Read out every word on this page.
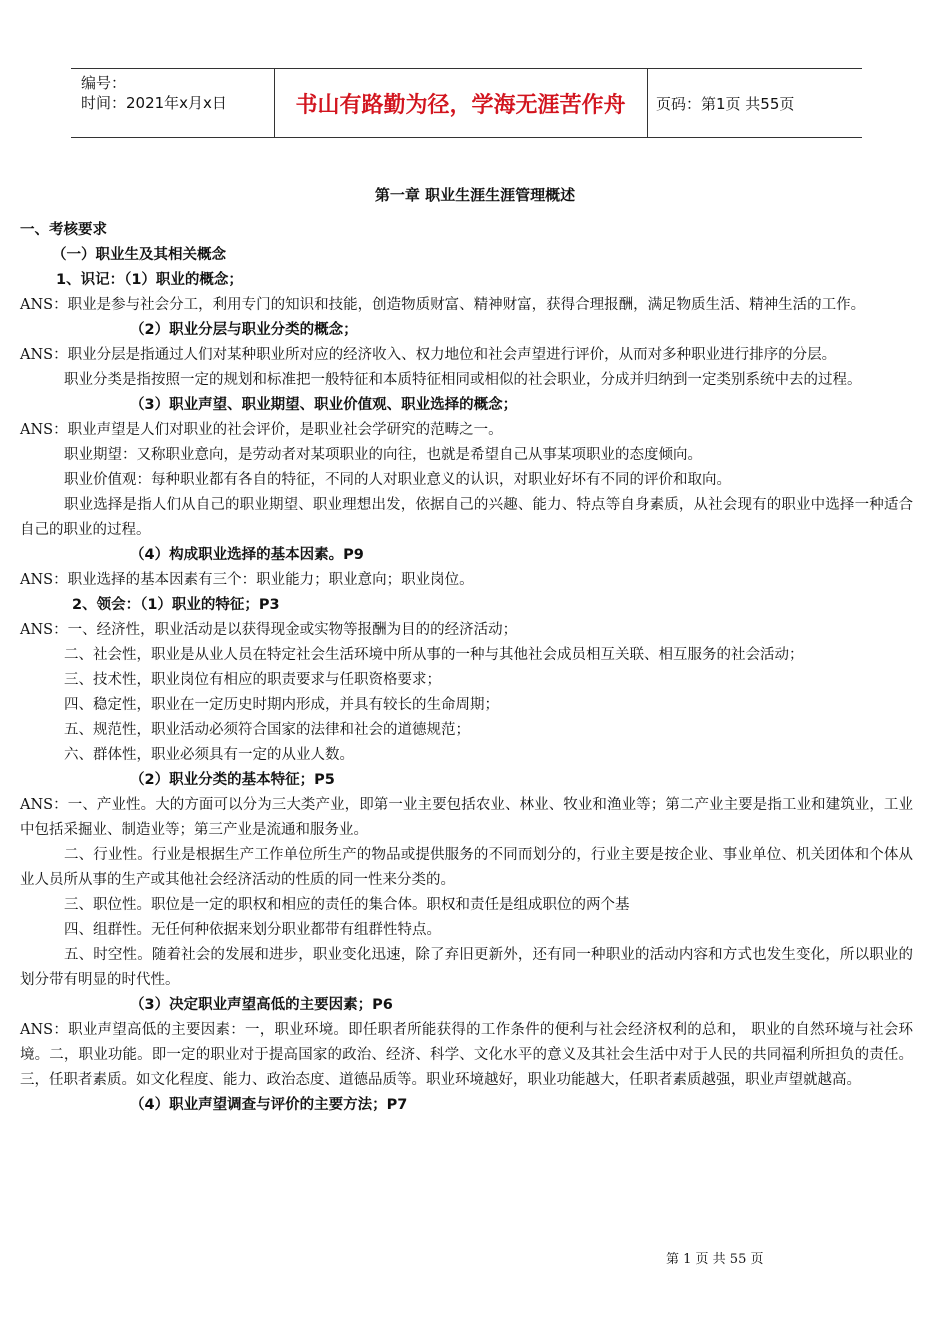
编号：
时间：2021年x月x日	书山有路勤为径，学海无涯苦作舟	页码：第1页 共55页
第一章 职业生涯生涯管理概述

一、考核要求

（一）职业生及其相关概念

1、识记：（1）职业的概念；

ANS：职业是参与社会分工，利用专门的知识和技能，创造物质财富、精神财富，获得合理报酬，满足物质生活、精神生活的工作。

（2）职业分层与职业分类的概念；

ANS：职业分层是指通过人们对某种职业所对应的经济收入、权力地位和社会声望进行评价，从而对多种职业进行排序的分层。

职业分类是指按照一定的规划和标准把一般特征和本质特征相同或相似的社会职业，分成并归纳到一定类别系统中去的过程。

（3）职业声望、职业期望、职业价值观、职业选择的概念；

ANS：职业声望是人们对职业的社会评价，是职业社会学研究的范畴之一。

职业期望：又称职业意向，是劳动者对某项职业的向往，也就是希望自己从事某项职业的态度倾向。

职业价值观：每种职业都有各自的特征，不同的人对职业意义的认识，对职业好坏有不同的评价和取向。

职业选择是指人们从自己的职业期望、职业理想出发，依据自己的兴趣、能力、特点等自身素质，从社会现有的职业中选择一种适合自己的职业的过程。

（4）构成职业选择的基本因素。P9

ANS：职业选择的基本因素有三个：职业能力；职业意向；职业岗位。

2、领会：（1）职业的特征；P3

ANS：一、经济性，职业活动是以获得现金或实物等报酬为目的的经济活动；

二、社会性，职业是从业人员在特定社会生活环境中所从事的一种与其他社会成员相互关联、相互服务的社会活动；

三、技术性，职业岗位有相应的职责要求与任职资格要求；

四、稳定性，职业在一定历史时期内形成，并具有较长的生命周期；

五、规范性，职业活动必须符合国家的法律和社会的道德规范；

六、群体性，职业必须具有一定的从业人数。

（2）职业分类的基本特征；P5

ANS：一、产业性。大的方面可以分为三大类产业，即第一业主要包括农业、林业、牧业和渔业等；第二产业主要是指工业和建筑业，工业中包括采掘业、制造业等；第三产业是流通和服务业。

二、行业性。行业是根据生产工作单位所生产的物品或提供服务的不同而划分的，行业主要是按企业、事业单位、机关团体和个体从业人员所从事的生产或其他社会经济活动的性质的同一性来分类的。

三、职位性。职位是一定的职权和相应的责任的集合体。职权和责任是组成职位的两个基

四、组群性。无任何种依据来划分职业都带有组群性特点。

五、时空性。随着社会的发展和进步，职业变化迅速，除了弃旧更新外，还有同一种职业的活动内容和方式也发生变化，所以职业的划分带有明显的时代性。

（3）决定职业声望高低的主要因素；P6

ANS：职业声望高低的主要因素：一，职业环境。即任职者所能获得的工作条件的便利与社会经济权利的总和， 职业的自然环境与社会环境。二，职业功能。即一定的职业对于提高国家的政治、经济、科学、文化水平的意义及其社会生活中对于人民的共同福利所担负的责任。三，任职者素质。如文化程度、能力、政治态度、道德品质等。职业环境越好，职业功能越大，任职者素质越强，职业声望就越高。

（4）职业声望调查与评价的主要方法；P7

第 1 页 共 55 页
